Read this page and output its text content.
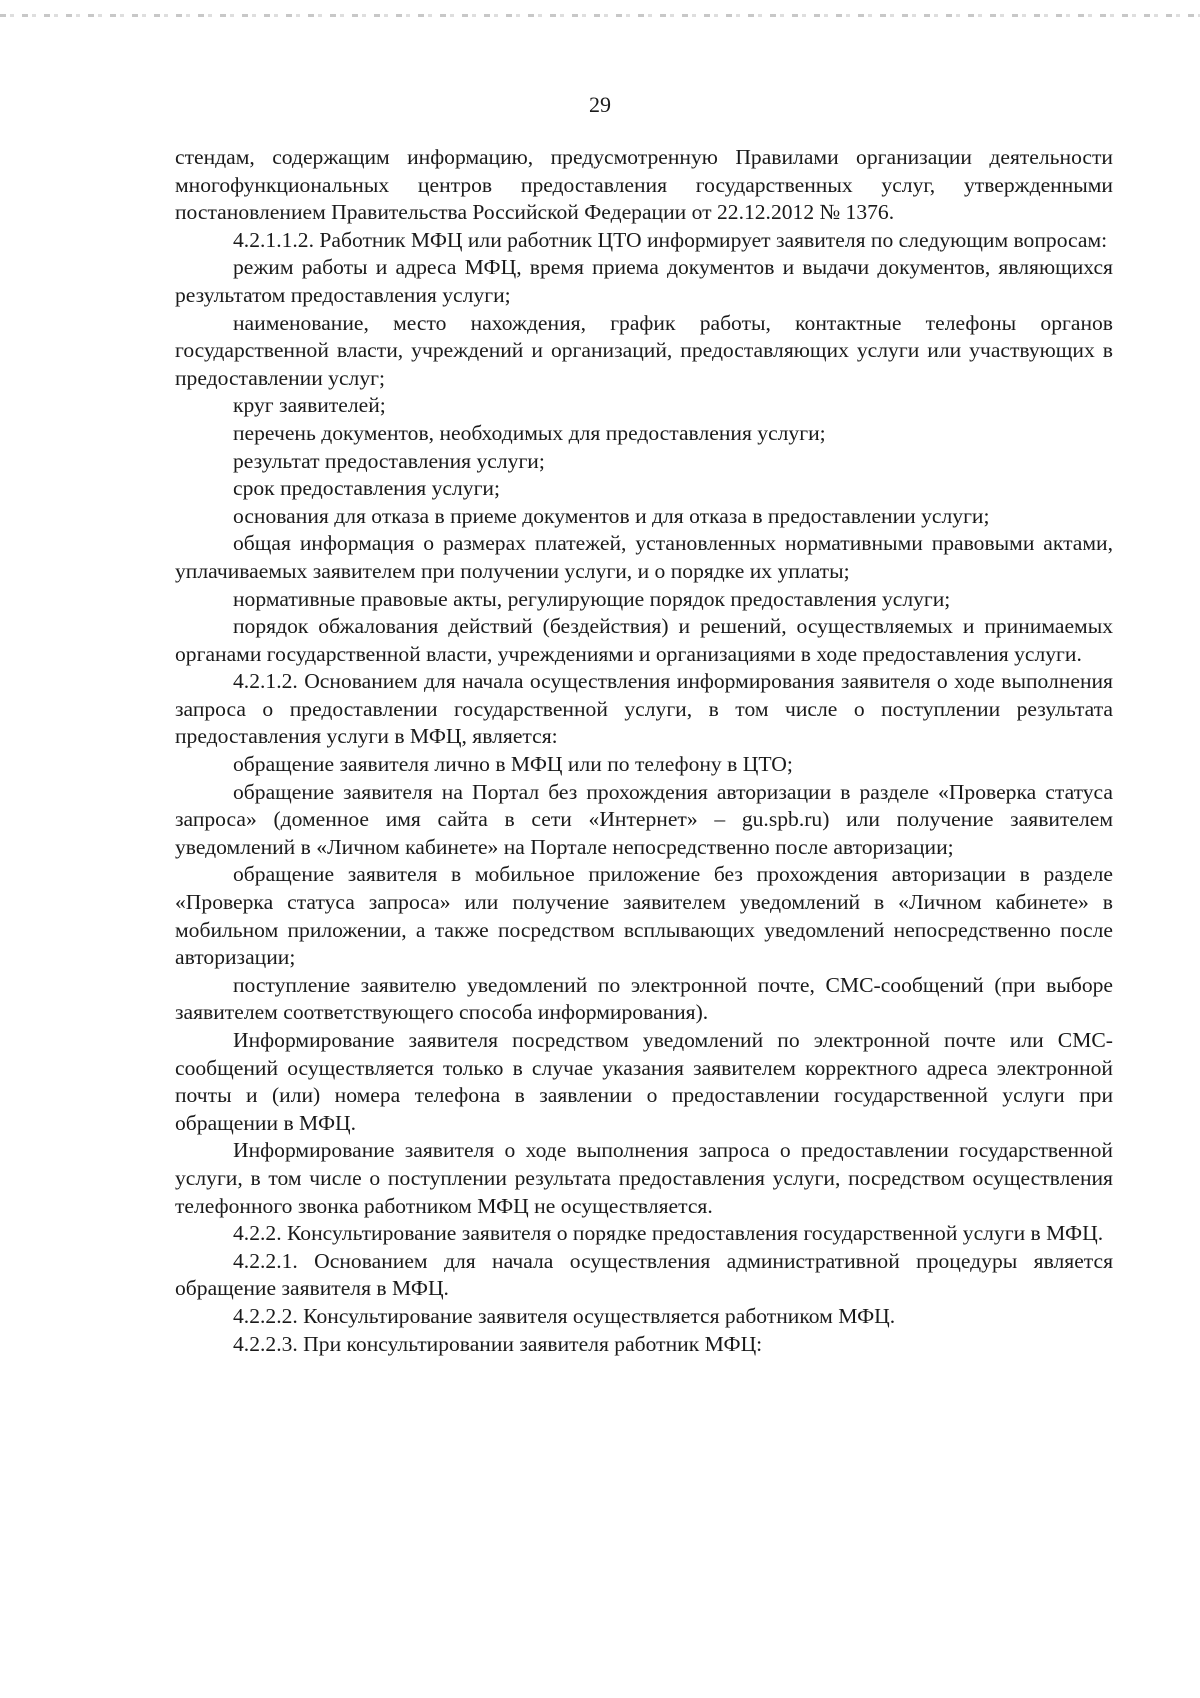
29

стендам, содержащим информацию, предусмотренную Правилами организации деятельности многофункциональных центров предоставления государственных услуг, утвержденными постановлением Правительства Российской Федерации от 22.12.2012 № 1376.

4.2.1.1.2. Работник МФЦ или работник ЦТО информирует заявителя по следующим вопросам:

режим работы и адреса МФЦ, время приема документов и выдачи документов, являющихся результатом предоставления услуги;

наименование, место нахождения, график работы, контактные телефоны органов государственной власти, учреждений и организаций, предоставляющих услуги или участвующих в предоставлении услуг;

круг заявителей;

перечень документов, необходимых для предоставления услуги;

результат предоставления услуги;

срок предоставления услуги;

основания для отказа в приеме документов и для отказа в предоставлении услуги;

общая информация о размерах платежей, установленных нормативными правовыми актами, уплачиваемых заявителем при получении услуги, и о порядке их уплаты;

нормативные правовые акты, регулирующие порядок предоставления услуги;

порядок обжалования действий (бездействия) и решений, осуществляемых и принимаемых органами государственной власти, учреждениями и организациями в ходе предоставления услуги.

4.2.1.2. Основанием для начала осуществления информирования заявителя о ходе выполнения запроса о предоставлении государственной услуги, в том числе о поступлении результата предоставления услуги в МФЦ, является:

обращение заявителя лично в МФЦ или по телефону в ЦТО;

обращение заявителя на Портал без прохождения авторизации в разделе «Проверка статуса запроса» (доменное имя сайта в сети «Интернет» – gu.spb.ru) или получение заявителем уведомлений в «Личном кабинете» на Портале непосредственно после авторизации;

обращение заявителя в мобильное приложение без прохождения авторизации в разделе «Проверка статуса запроса» или получение заявителем уведомлений в «Личном кабинете» в мобильном приложении, а также посредством всплывающих уведомлений непосредственно после авторизации;

поступление заявителю уведомлений по электронной почте, СМС-сообщений (при выборе заявителем соответствующего способа информирования).

Информирование заявителя посредством уведомлений по электронной почте или СМС-сообщений осуществляется только в случае указания заявителем корректного адреса электронной почты и (или) номера телефона в заявлении о предоставлении государственной услуги при обращении в МФЦ.

Информирование заявителя о ходе выполнения запроса о предоставлении государственной услуги, в том числе о поступлении результата предоставления услуги, посредством осуществления телефонного звонка работником МФЦ не осуществляется.

4.2.2. Консультирование заявителя о порядке предоставления государственной услуги в МФЦ.

4.2.2.1. Основанием для начала осуществления административной процедуры является обращение заявителя в МФЦ.

4.2.2.2. Консультирование заявителя осуществляется работником МФЦ.

4.2.2.3. При консультировании заявителя работник МФЦ:
